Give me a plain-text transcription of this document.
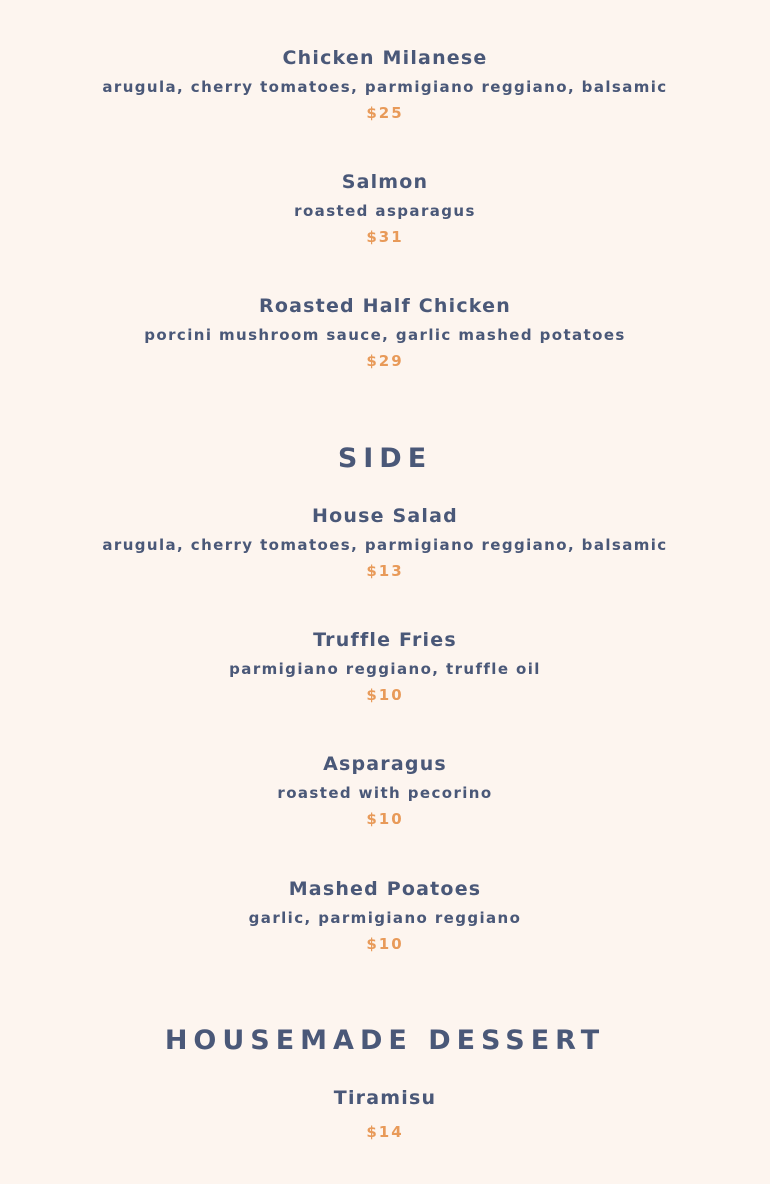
Chicken Milanese
arugula, cherry tomatoes, parmigiano reggiano, balsamic
$25
Salmon
roasted asparagus
$31
Roasted Half Chicken
porcini mushroom sauce, garlic mashed potatoes
$29
SIDE
House Salad
arugula, cherry tomatoes, parmigiano reggiano, balsamic
$13
Truffle Fries
parmigiano reggiano, truffle oil
$10
Asparagus
roasted with pecorino
$10
Mashed Poatoes
garlic, parmigiano reggiano
$10
HOUSEMADE DESSERT
Tiramisu
$14
